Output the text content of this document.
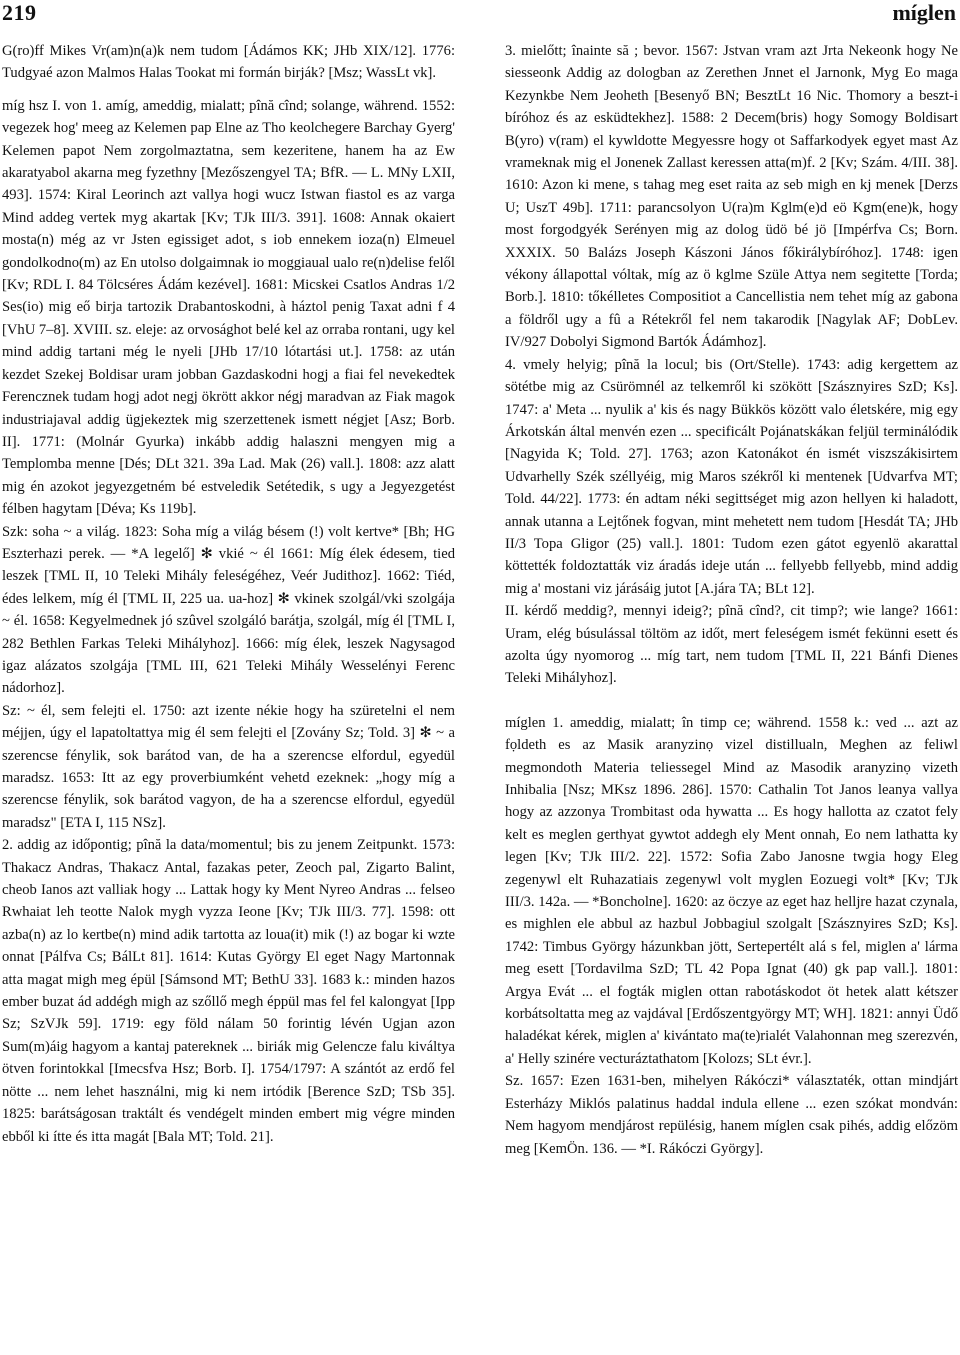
219	míglen

G(ro)ff Mikes Vr(am)n(a)k nem tudom [Ádámos KK; JHb XIX/12]. 1776: Tudgyaé azon Malmos Halas Tookat mi formán birják? [Msz; WassLt vk].

míg hsz I. von 1. amíg, ameddig, mialatt; pînă cînd; solange, während. 1552: vegezek hog' meeg az Kelemen pap Elne az Tho keolchegere Barchay Gyerg' Kelemen papot Nem zorgolmaztatna, sem kezeritene, hanem ha az Ew akaratyabol akarna meg fyzethny [Mezőszengyel TA; BfR. — L. MNy LXII, 493]. 1574: Kiral Leorinch azt vallya hogi wucz Istwan fiastol es az varga Mind addeg vertek myg akartak [Kv; TJk III/3. 391]. 1608: Annak okaiert mosta(n) még az vr Jsten egissiget adot, s iob ennekem ioza(n) Elmeuel gondolkodno(m) az En utolso dolgaimnak io moggiaual ualo re(n)delise felől [Kv; RDL I. 84 Tölcséres Ádám kezével]. 1681: Micskei Csatlos Andras 1/2 Ses(io) mig eő birja tartozik Drabantoskodni, à háztol penig Taxat adni f 4 [VhU 7–8]. XVIII. sz. eleje: az orvosághot belé kel az orraba rontani, ugy kel mind addig tartani még le nyeli [JHb 17/10 lótartási ut.]. 1758: az után kezdet Szekej Boldisar uram jobban Gazdaskodni hogj a fiai fel nevekedtek Ferencznek tudam hogj adot negj ökrött akkor négj maradvan az Fiak magok industriajaval addig ügjekeztek mig szerzettenek ismett négjet [Asz; Borb. II]. 1771: (Molnár Gyurka) inkább addig halaszni mengyen mig a Templomba menne [Dés; DLt 321. 39a Lad. Mak (26) vall.]. 1808: azz alatt mig én azokot jegyezgetném bé estveledik Setétedik, s ugy a Jegyezgetést félben hagytam [Déva; Ks 119b].

Szk: soha ~ a világ. 1823: Soha míg a világ bésem (!) volt kertve* [Bh; HG Eszterhazi perek. — *A legelő] ✻ vkié ~ él 1661: Míg élek édesem, tied leszek [TML II, 10 Teleki Mihály feleségéhez, Veér Judithoz]. 1662: Tiéd, édes lelkem, míg él [TML II, 225 ua. ua-hoz] ✻ vkinek szolgál/vki szolgája ~ él. 1658: Kegyelmednek jó szûvel szolgáló barátja, szolgál, míg él [TML I, 282 Bethlen Farkas Teleki Mihályhoz]. 1666: míg élek, leszek Nagysagod igaz alázatos szolgája [TML III, 621 Teleki Mihály Wesselényi Ferenc nádorhoz].

Sz: ~ él, sem felejti el. 1750: azt izente nékie hogy ha szüretelni el nem méjjen, úgy el lapatoltattya mig él sem felejti el [Zovány Sz; Told. 3] ✻ ~ a szerencse fénylik, sok barátod van, de ha a szerencse elfordul, egyedül maradsz. 1653: Itt az egy proverbiumként vehetd ezeknek: „hogy míg a szerencse fénylik, sok barátod vagyon, de ha a szerencse elfordul, egyedül maradsz" [ETA I, 115 NSz].

2. addig az időpontig; pînă la data/momentul; bis zu jenem Zeitpunkt. 1573: Thakacz Andras, Thakacz Antal, fazakas peter, Zeoch pal, Zigarto Balint, cheob Ianos azt valliak hogy ... Lattak hogy ky Ment Nyreo Andras ... felseo Rwhaiat leh teotte Nalok mygh vyzza Ieone [Kv; TJk III/3. 77]. 1598: ott azba(n) az lo kertbe(n) mind adik tartotta az loua(it) mik (!) az bogar ki wzte onnat [Pálfva Cs; BálLt 81]. 1614: Kutas György El eget Nagy Martonnak atta magat migh meg épül [Sámsond MT; BethU 33]. 1683 k.: minden hazos ember buzat ád addégh migh az szőllő megh éppül mas fel fel kalongyat [Ipp Sz; SzVJk 59]. 1719: egy föld nálam 50 forintig lévén Ugjan azon Sum(m)áig hagyom a kantaj patereknek ... biriák mig Gelencze falu kiváltya ötven forintokkal [Imecsfva Hsz; Borb. I]. 1754/1797: A szántót az erdő fel nötte ... nem lehet használni, mig ki nem irtódik [Berence SzD; TSb 35]. 1825: barátságosan traktált és vendégelt minden embert mig végre minden ebből ki ítte és itta magát [Bala MT; Told. 21].

3. mielőtt; înainte să ; bevor. 1567: Jstvan vram azt Jrta Nekeonk hogy Ne siesseonk Addig az dologban az Zerethen Jnnet el Jarnonk, Myg Eo maga Kezynkbe Nem Jeoheth [Besenyő BN; BesztLt 16 Nic. Thomory a beszt-i bíróhoz és az esküdtekhez]. 1588: 2 Decem(bris) hogy Somogy Boldisart B(yro) v(ram) el kywldotte Megyessre hogy ot Saffarkodyek egyet mast Az vrameknak mig el Jonenek Zallast keressen atta(m)f. 2 [Kv; Szám. 4/III. 38]. 1610: Azon ki mene, s tahag meg eset raita az seb migh en kj menek [Derzs U; UszT 49b]. 1711: parancsolyon U(ra)m Kglm(e)d eö Kgm(ene)k, hogy most forgodgyék Serényen mig az dolog üdö bé jö [Impérfva Cs; Born. XXXIX. 50 Balázs Joseph Kászoni János főkirálybíróhoz]. 1748: igen vékony állapottal vóltak, míg az ö kglme Szüle Attya nem segitette [Torda; Borb.]. 1810: tőkélletes Compositiot a Cancellistia nem tehet míg az gabona a földről ugy a fû a Rétekről fel nem takarodik [Nagylak AF; DobLev. IV/927 Dobolyi Sigmond Bartók Ádámhoz].

4. vmely helyig; pînă la locul; bis (Ort/Stelle). 1743: adig kergettem az sötétbe mig az Csürömnél az telkemről ki szökött [Szásznyires SzD; Ks]. 1747: a' Meta ... nyulik a' kis és nagy Bükkös között valo életskére, mig egy Árkotskán által menvén ezen ... specificált Pojánatskákan feljül terminálódik [Nagyida K; Told. 27]. 1763; azon Katonákot én ismét viszszákisirtem Udvarhelly Szék széllyéig, mig Maros székről ki mentenek [Udvarfva MT; Told. 44/22]. 1773: én adtam néki segittséget mig azon hellyen ki haladott, annak utanna a Lejtőnek fogvan, mint mehetett nem tudom [Hesdát TA; JHb II/3 Topa Gligor (25) vall.]. 1801: Tudom ezen gátot egyenlö akarattal köttették foldoztatták viz áradás ideje után ... fellyebb fellyebb, mind addig mig a' mostani viz járásáig jutot [A.jára TA; BLt 12].

II. kérdő meddig?, mennyi ideig?; pînă cînd?, cit timp?; wie lange? 1661: Uram, elég búsulással töltöm az időt, mert feleségem ismét fekünni esett és azolta úgy nyomorog ... míg tart, nem tudom [TML II, 221 Bánfi Dienes Teleki Mihályhoz].

míglen 1. ameddig, mialatt; în timp ce; während. 1558 k.: ved ... azt az fọldeth es az Masik aranyzinọ vizel distillualn, Meghen az feliwl megmondoth Materia teliessegel Mind az Masodik aranyzinọ vizeth Inhibalia [Nsz; MKsz 1896. 286]. 1570: Cathalin Tot Janos leanya vallya hogy az azzonya Trombitast oda hywatta ... Es hogy hallotta az czatot fely kelt es meglen gerthyat gywtot addegh ely Ment onnah, Eo nem lathatta ky legen [Kv; TJk III/2. 22]. 1572: Sofia Zabo Janosne twgia hogy Eleg zegenywl elt Ruhazatiais zegenywl volt myglen Eozuegi volt* [Kv; TJk III/3. 142a. — *Boncholne]. 1620: az öczye az eget haz helljre hazat czynala, es mighlen ele abbul az hazbul Jobbagiul szolgalt [Szásznyires SzD; Ks]. 1742: Timbus György házunkban jött, Sertepertélt alá s fel, miglen a' lárma meg esett [Tordavilma SzD; TL 42 Popa Ignat (40) gk pap vall.]. 1801: Argya Evát ... el fogták miglen ottan rabotáskodot öt hetek alatt kétszer korbátsoltatta meg az vajdával [Erdőszentgyörgy MT; WH]. 1821: annyi Üdő haladékat kérek, miglen a' kivántato ma(te)rialét Valahonnan meg szerezvén, a' Helly szinére vecturáztathatom [Kolozs; SLt évr.].

Sz. 1657: Ezen 1631-ben, mihelyen Rákóczi* választaték, ottan mindjárt Esterházy Miklós palatinus haddal indula ellene ... ezen szókat mondván: Nem hagyom mendjárost repülésig, hanem míglen csak pihés, addig előzöm meg [KemÖn. 136. — *I. Rákóczi György].
